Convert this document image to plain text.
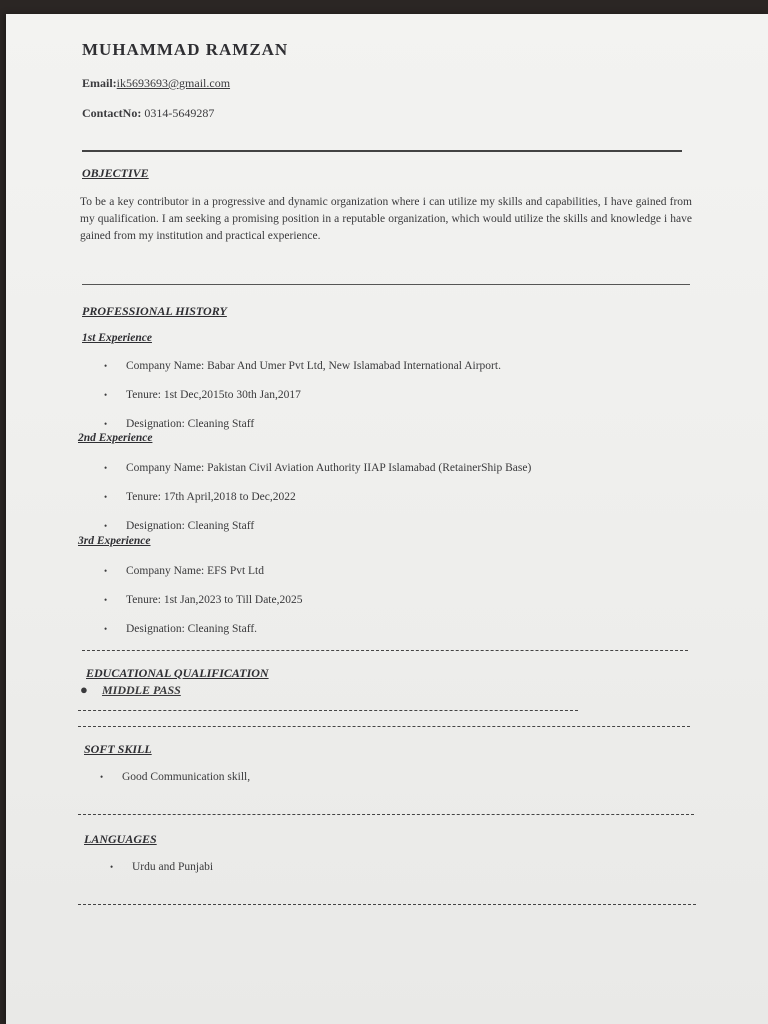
MUHAMMAD RAMZAN
Email:ik5693693@gmail.com
ContactNo: 0314-5649287
OBJECTIVE
To be a key contributor in a progressive and dynamic organization where i can utilize my skills and capabilities, I have gained from my qualification. I am seeking a promising position in a reputable organization, which would utilize the skills and knowledge i have gained from my institution and practical experience.
PROFESSIONAL HISTORY
1st Experience
• Company Name: Babar And Umer Pvt Ltd, New Islamabad International Airport.
• Tenure: 1st Dec,2015to 30th Jan,2017
• Designation: Cleaning Staff
2nd Experience
• Company Name: Pakistan Civil Aviation Authority IIAP Islamabad (RetainerShip Base)
• Tenure: 17th April,2018 to Dec,2022
• Designation: Cleaning Staff
3rd Experience
• Company Name: EFS Pvt Ltd
• Tenure: 1st Jan,2023 to Till Date,2025
• Designation: Cleaning Staff.
EDUCATIONAL QUALIFICATION
● MIDDLE PASS
SOFT SKILL
• Good Communication skill,
LANGUAGES
• Urdu and Punjabi
